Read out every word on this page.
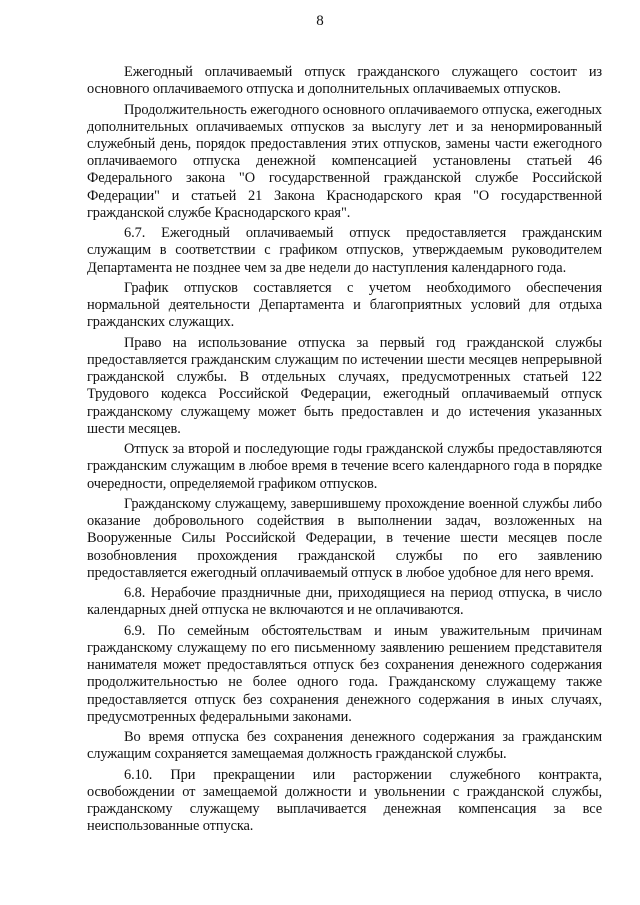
8

Ежегодный оплачиваемый отпуск гражданского служащего состоит из основного оплачиваемого отпуска и дополнительных оплачиваемых отпусков.

Продолжительность ежегодного основного оплачиваемого отпуска, ежегодных дополнительных оплачиваемых отпусков за выслугу лет и за ненормированный служебный день, порядок предоставления этих отпусков, замены части ежегодного оплачиваемого отпуска денежной компенсацией установлены статьей 46 Федерального закона "О государственной гражданской службе Российской Федерации" и статьей 21 Закона Краснодарского края "О государственной гражданской службе Краснодарского края".

6.7. Ежегодный оплачиваемый отпуск предоставляется гражданским служащим в соответствии с графиком отпусков, утверждаемым руководителем Департамента не позднее чем за две недели до наступления календарного года.

График отпусков составляется с учетом необходимого обеспечения нормальной деятельности Департамента и благоприятных условий для отдыха гражданских служащих.

Право на использование отпуска за первый год гражданской службы предоставляется гражданским служащим по истечении шести месяцев непрерывной гражданской службы. В отдельных случаях, предусмотренных статьей 122 Трудового кодекса Российской Федерации, ежегодный оплачиваемый отпуск гражданскому служащему может быть предоставлен и до истечения указанных шести месяцев.

Отпуск за второй и последующие годы гражданской службы предоставляются гражданским служащим в любое время в течение всего календарного года в порядке очередности, определяемой графиком отпусков.

Гражданскому служащему, завершившему прохождение военной службы либо оказание добровольного содействия в выполнении задач, возложенных на Вооруженные Силы Российской Федерации, в течение шести месяцев после возобновления прохождения гражданской службы по его заявлению предоставляется ежегодный оплачиваемый отпуск в любое удобное для него время.

6.8. Нерабочие праздничные дни, приходящиеся на период отпуска, в число календарных дней отпуска не включаются и не оплачиваются.

6.9. По семейным обстоятельствам и иным уважительным причинам гражданскому служащему по его письменному заявлению решением представителя нанимателя может предоставляться отпуск без сохранения денежного содержания продолжительностью не более одного года. Гражданскому служащему также предоставляется отпуск без сохранения денежного содержания в иных случаях, предусмотренных федеральными законами.

Во время отпуска без сохранения денежного содержания за гражданским служащим сохраняется замещаемая должность гражданской службы.

6.10. При прекращении или расторжении служебного контракта, освобождении от замещаемой должности и увольнении с гражданской службы, гражданскому служащему выплачивается денежная компенсация за все неиспользованные отпуска.
